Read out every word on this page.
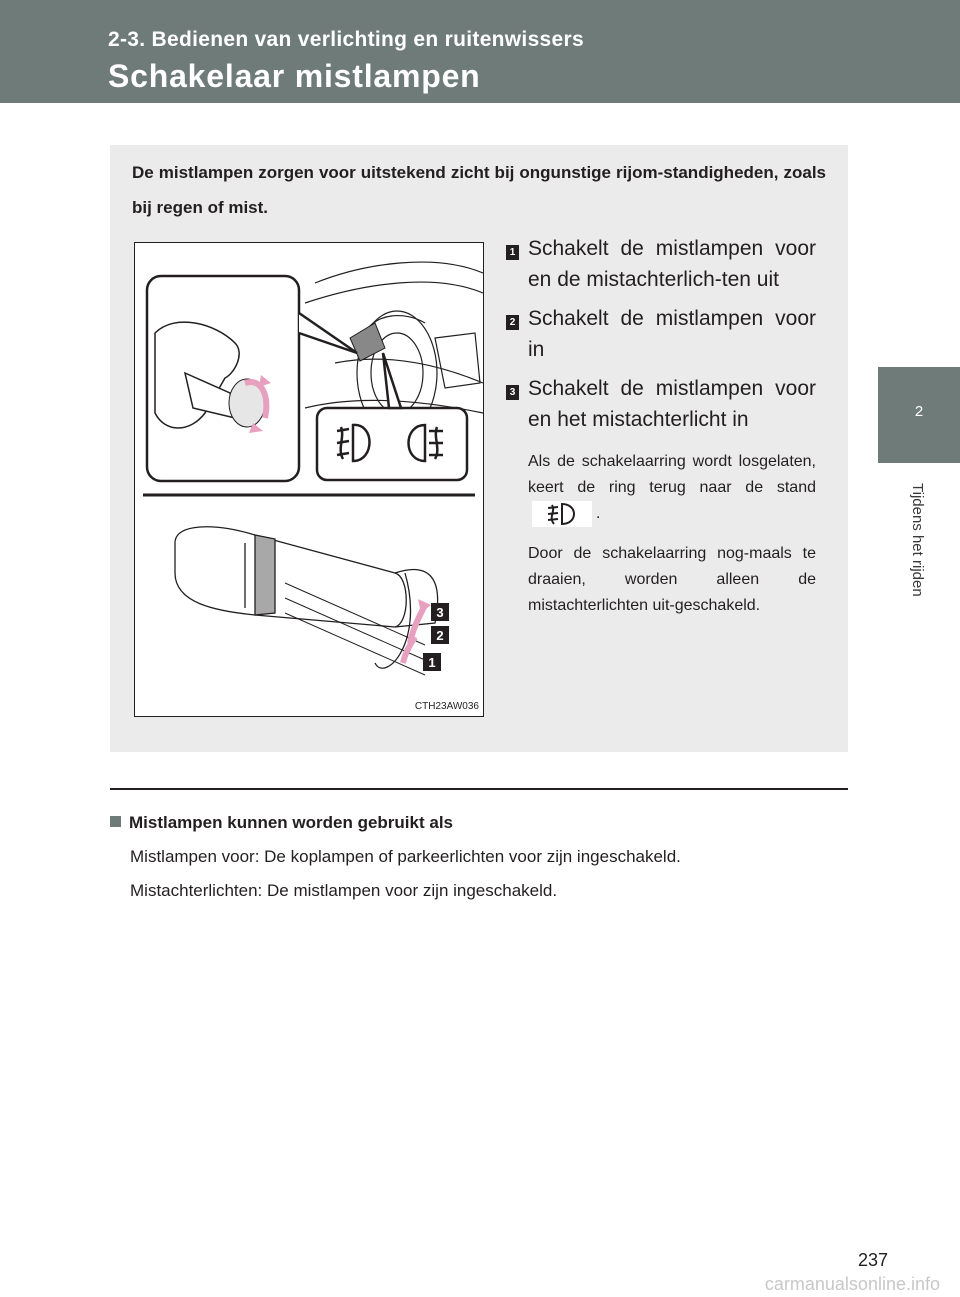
2-3. Bedienen van verlichting en ruitenwissers
Schakelaar mistlampen
2
Tijdens het rijden
De mistlampen zorgen voor uitstekend zicht bij ongunstige rijom-standigheden, zoals bij regen of mist.
3
2
1
CTH23AW036
1 Schakelt de mistlampen voor en de mistachterlich-ten uit
2 Schakelt de mistlampen voor in
3 Schakelt de mistlampen voor en het mistachterlicht in
Als de schakelaarring wordt losgelaten, keert de ring terug naar de stand .
Door de schakelaarring nog-maals te draaien, worden alleen de mistachterlichten uit-geschakeld.
Mistlampen kunnen worden gebruikt als
Mistlampen voor: De koplampen of parkeerlichten voor zijn ingeschakeld.
Mistachterlichten: De mistlampen voor zijn ingeschakeld.
237
carmanualsonline.info
